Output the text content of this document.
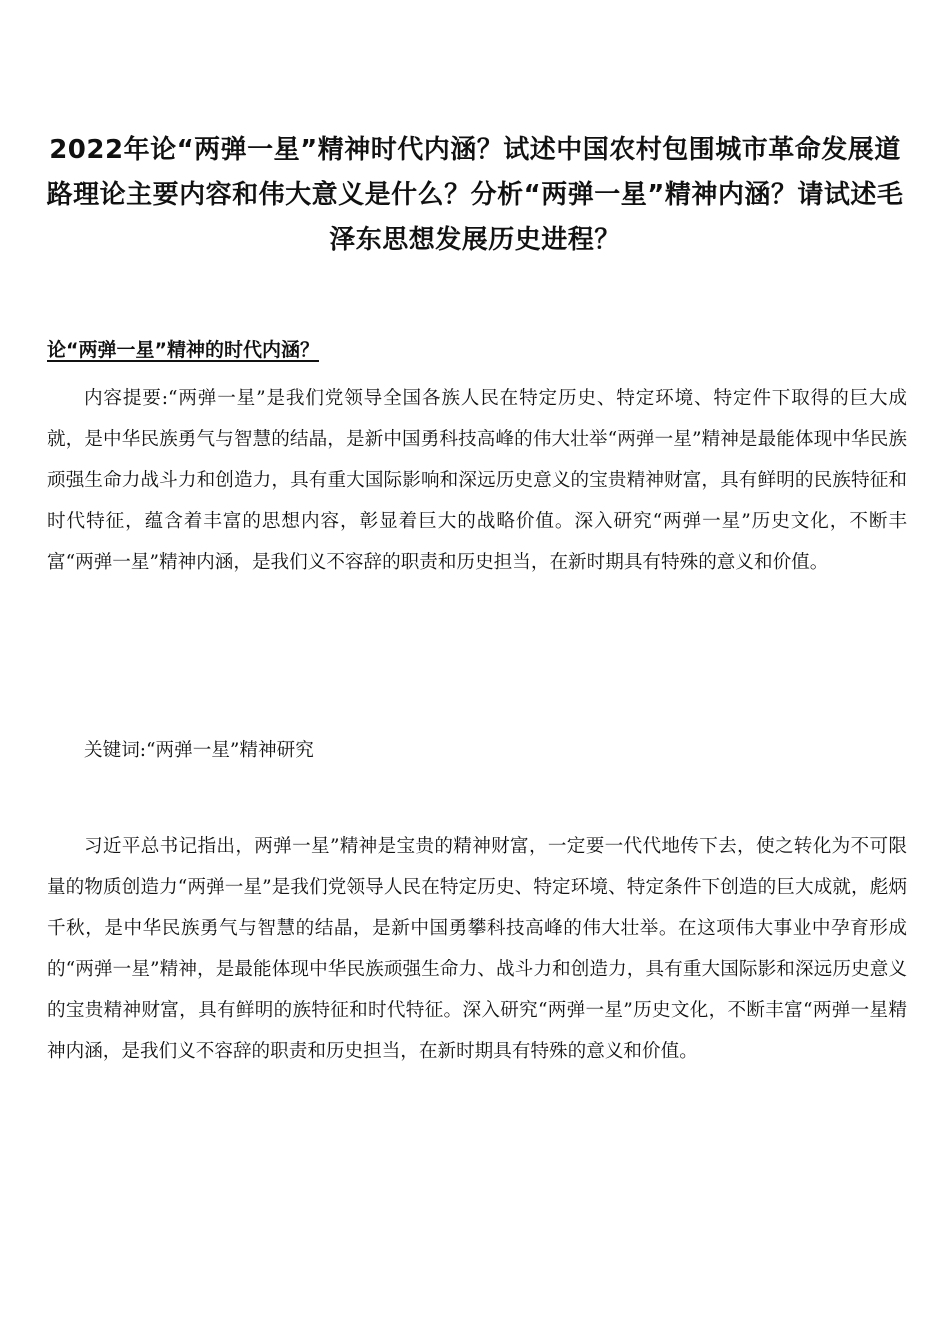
2022年论“两弹一星”精神时代内涵？试述中国农村包围城市革命发展道路理论主要内容和伟大意义是什么？分析“两弹一星”精神内涵？请试述毛泽东思想发展历史进程？
论“两弹一星”精神的时代内涵？

内容提要:“两弹一星”是我们党领导全国各族人民在特定历史、特定环境、特定件下取得的巨大成就，是中华民族勇气与智慧的结晶，是新中国勇科技高峰的伟大壮举“两弹一星”精神是最能体现中华民族顽强生命力战斗力和创造力，具有重大国际影响和深远历史意义的宝贵精神财富，具有鲜明的民族特征和时代特征，蕴含着丰富的思想内容，彰显着巨大的战略价值。深入研究“两弹一星”历史文化，不断丰富“两弹一星”精神内涵，是我们义不容辞的职责和历史担当，在新时期具有特殊的意义和价值。

关键词:“两弹一星”精神研究

习近平总书记指出，两弹一星”精神是宝贵的精神财富，一定要一代代地传下去，使之转化为不可限量的物质创造力“两弹一星”是我们党领导人民在特定历史、特定环境、特定条件下创造的巨大成就，彪炳千秋，是中华民族勇气与智慧的结晶，是新中国勇攀科技高峰的伟大壮举。在这项伟大事业中孕育形成的“两弹一星”精神，是最能体现中华民族顽强生命力、战斗力和创造力，具有重大国际影和深远历史意义的宝贵精神财富，具有鲜明的族特征和时代特征。深入研究“两弹一星”历史文化，不断丰富“两弹一星精神内涵，是我们义不容辞的职责和历史担当，在新时期具有特殊的意义和价值。
